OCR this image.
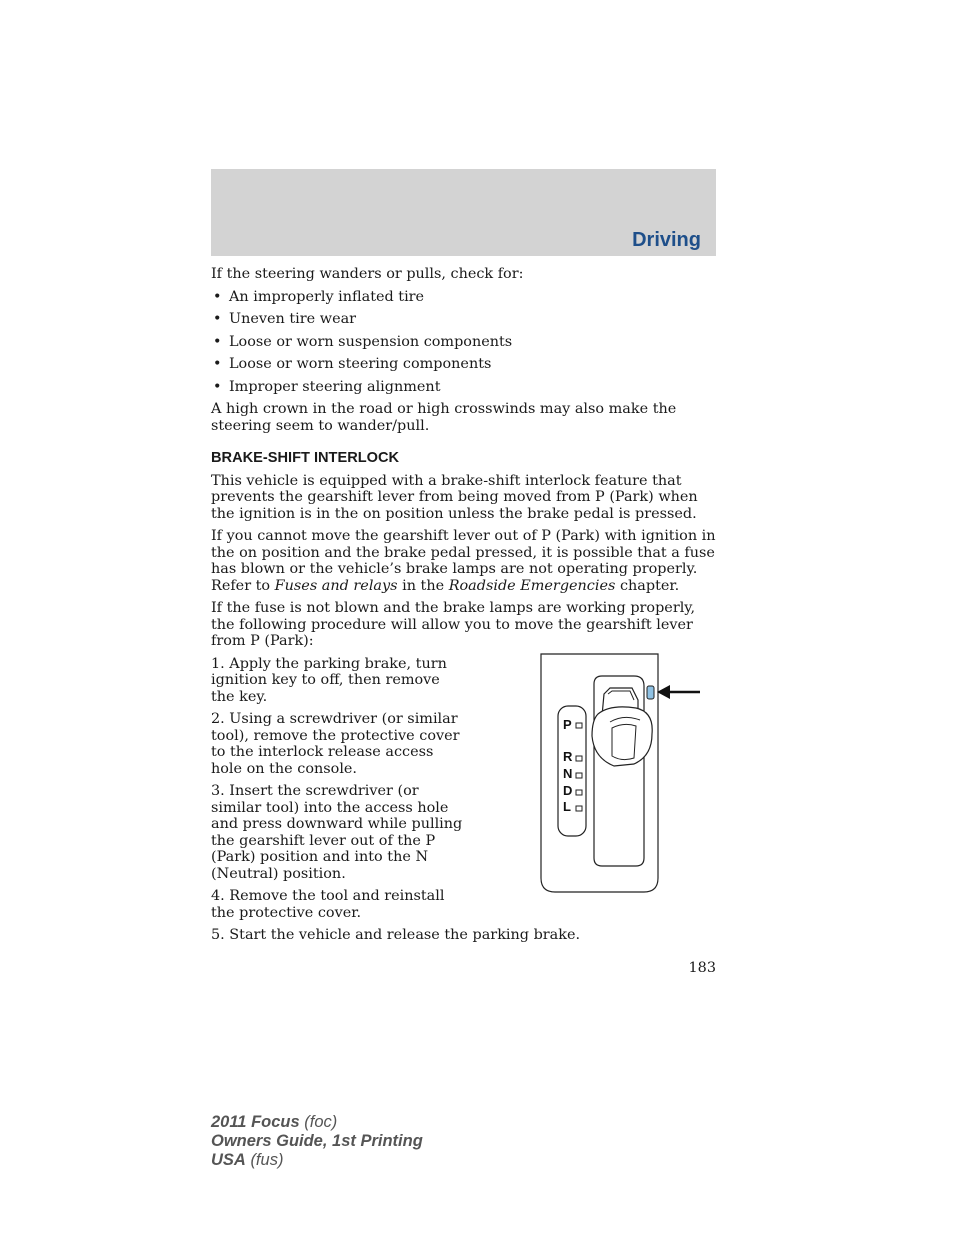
Driving

If the steering wanders or pulls, check for:

• An improperly inflated tire
• Uneven tire wear
• Loose or worn suspension components
• Loose or worn steering components
• Improper steering alignment

A high crown in the road or high crosswinds may also make the steering seem to wander/pull.

BRAKE-SHIFT INTERLOCK

This vehicle is equipped with a brake-shift interlock feature that prevents the gearshift lever from being moved from P (Park) when the ignition is in the on position unless the brake pedal is pressed.

If you cannot move the gearshift lever out of P (Park) with ignition in the on position and the brake pedal pressed, it is possible that a fuse has blown or the vehicle’s brake lamps are not operating properly. Refer to Fuses and relays in the Roadside Emergencies chapter.

If the fuse is not blown and the brake lamps are working properly, the following procedure will allow you to move the gearshift lever from P (Park):

1. Apply the parking brake, turn ignition key to off, then remove the key.

2. Using a screwdriver (or similar tool), remove the protective cover to the interlock release access hole on the console.

3. Insert the screwdriver (or similar tool) into the access hole and press downward while pulling the gearshift lever out of the P (Park) position and into the N (Neutral) position.

4. Remove the tool and reinstall the protective cover.

5. Start the vehicle and release the parking brake.

P
R
N
D
L
183
2011 Focus (foc)
Owners Guide, 1st Printing
USA (fus)
